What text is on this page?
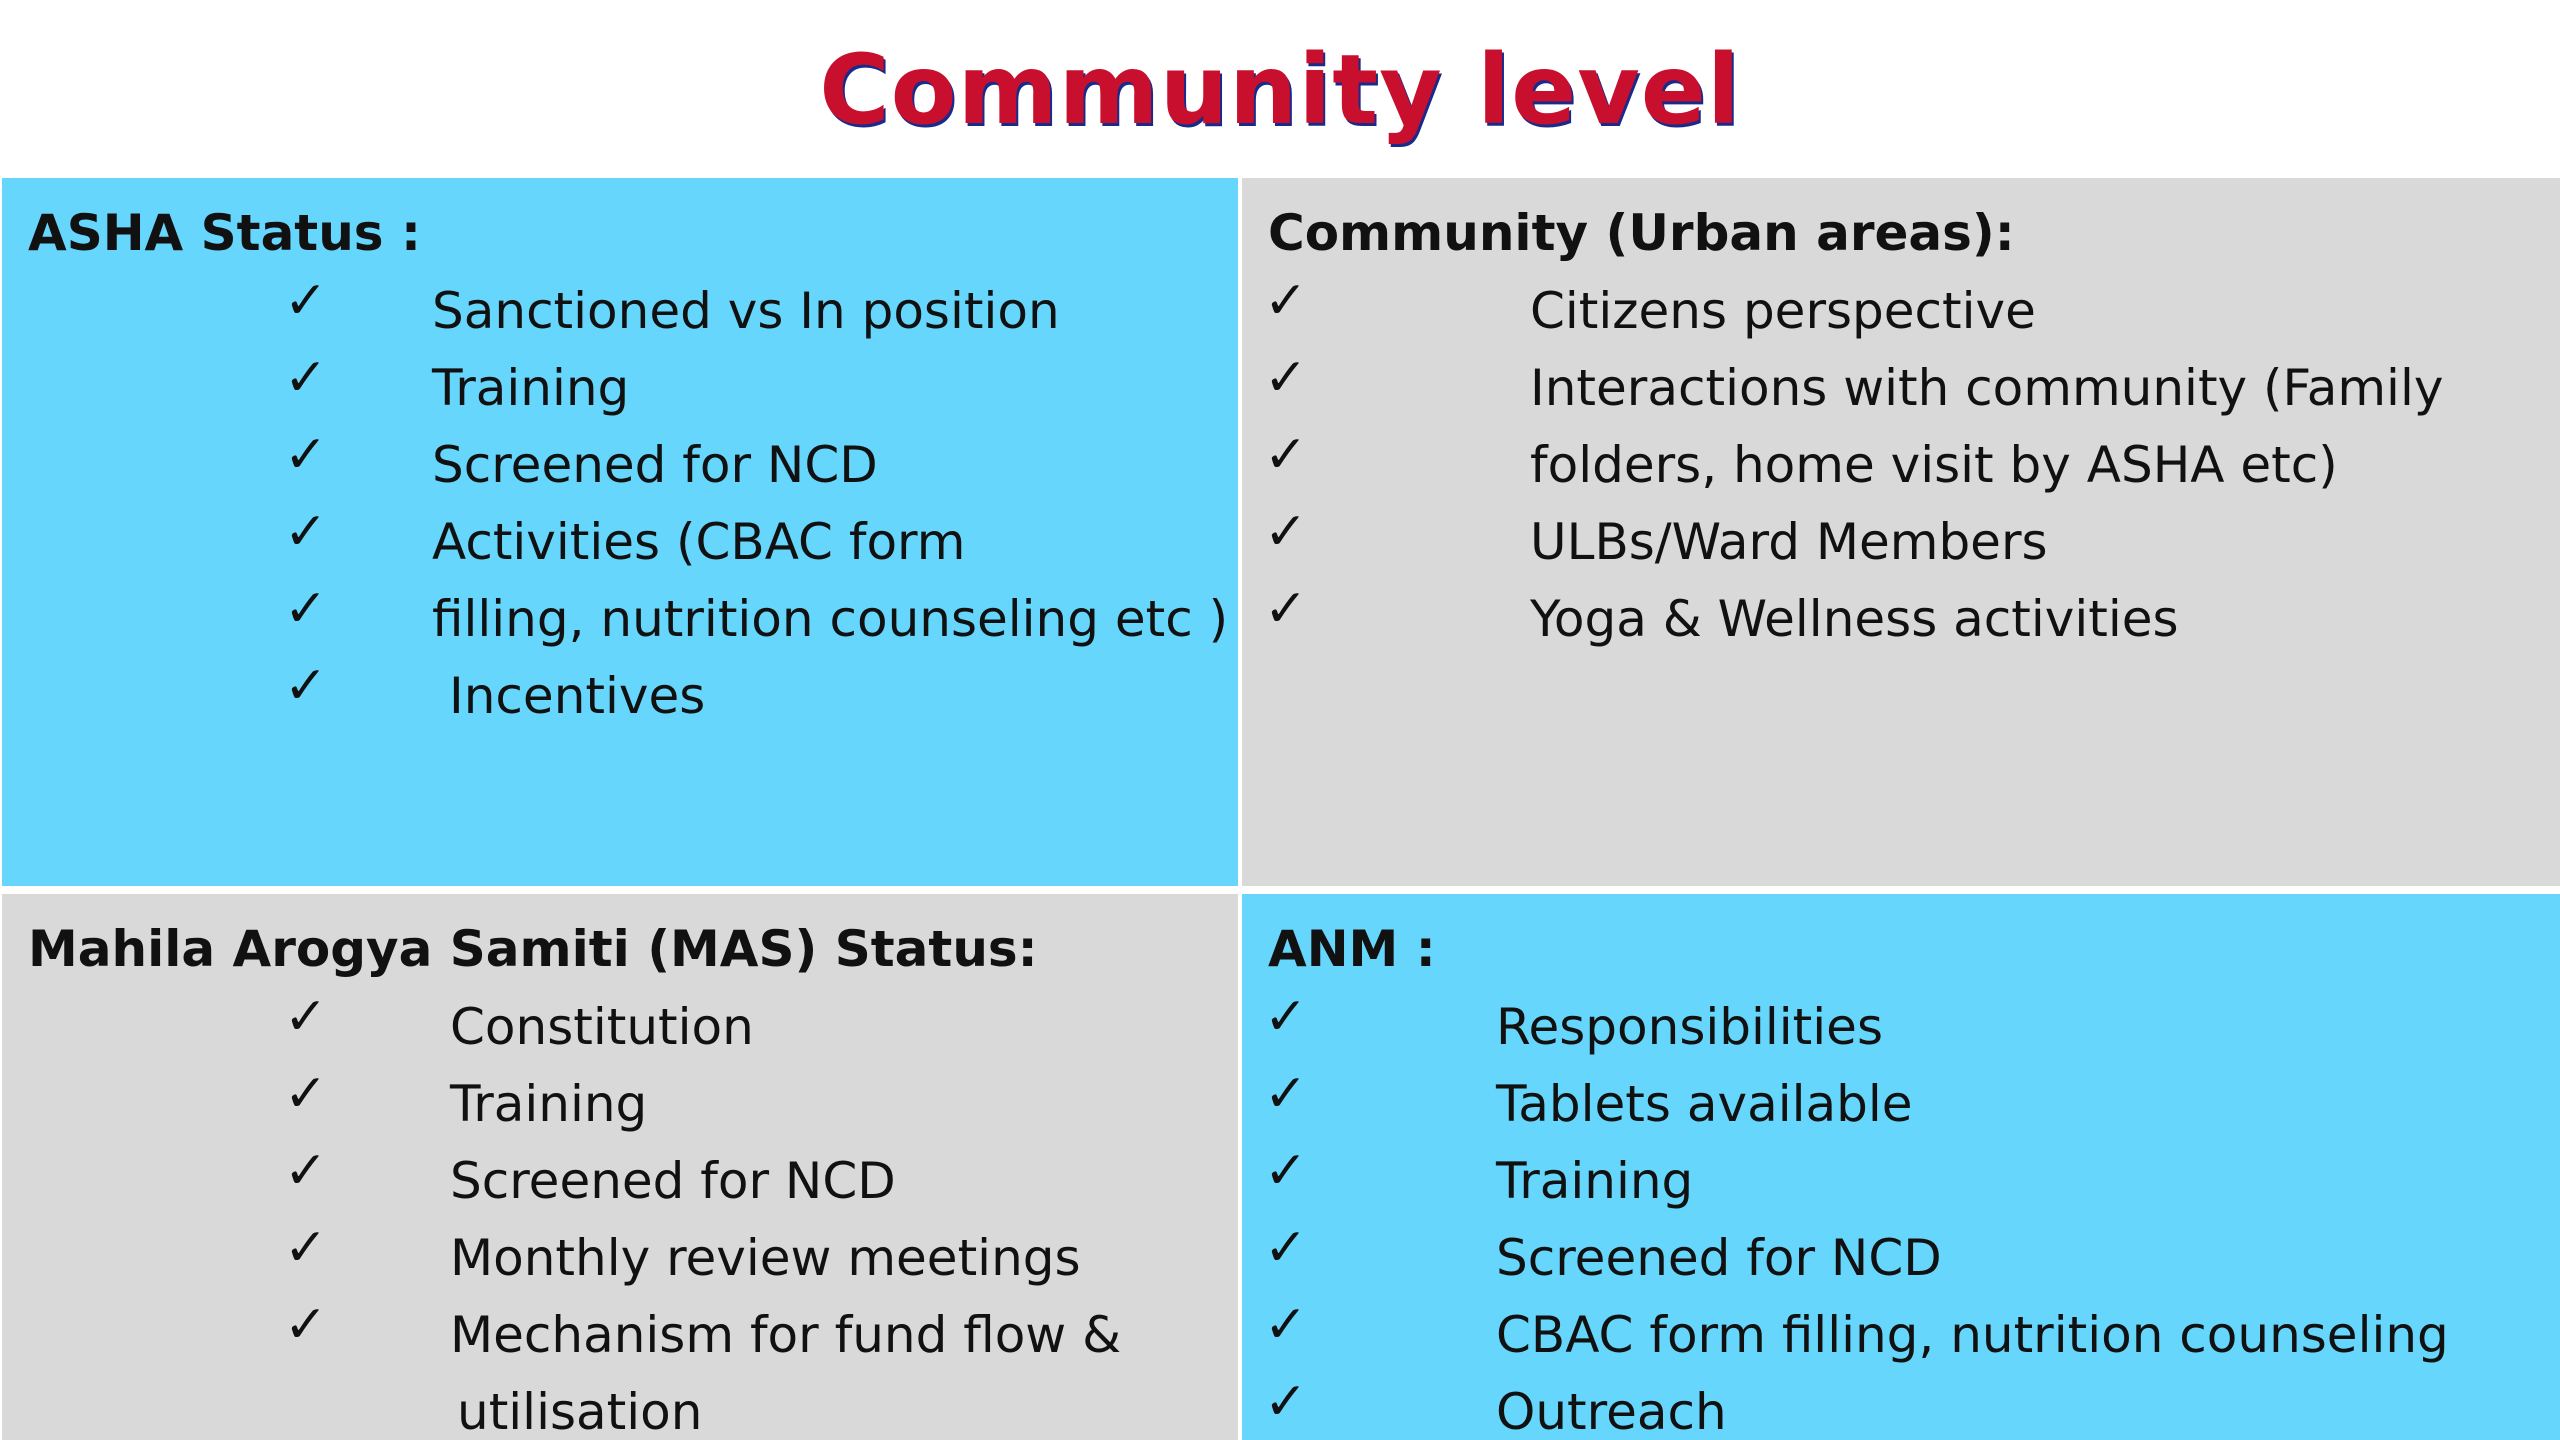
Community level
ASHA Status :
✓ Sanctioned vs In position
✓ Training
✓ Screened for NCD
✓ Activities (CBAC form
✓ filling, nutrition counseling etc )
✓ Incentives
Community (Urban areas):
✓	Citizens perspective
✓	Interactions with community (Family
✓	folders, home visit by ASHA etc)
✓	ULBs/Ward Members
✓	Yoga & Wellness activities
Mahila Arogya Samiti (MAS) Status:
✓ Constitution
✓ Training
✓ Screened for NCD
✓ Monthly review meetings
✓ Mechanism for fund flow &
utilisation
ANM :
✓	Responsibilities
✓	Tablets available
✓	Training
✓	Screened for NCD
✓	CBAC form filling, nutrition counseling
✓	Outreach
